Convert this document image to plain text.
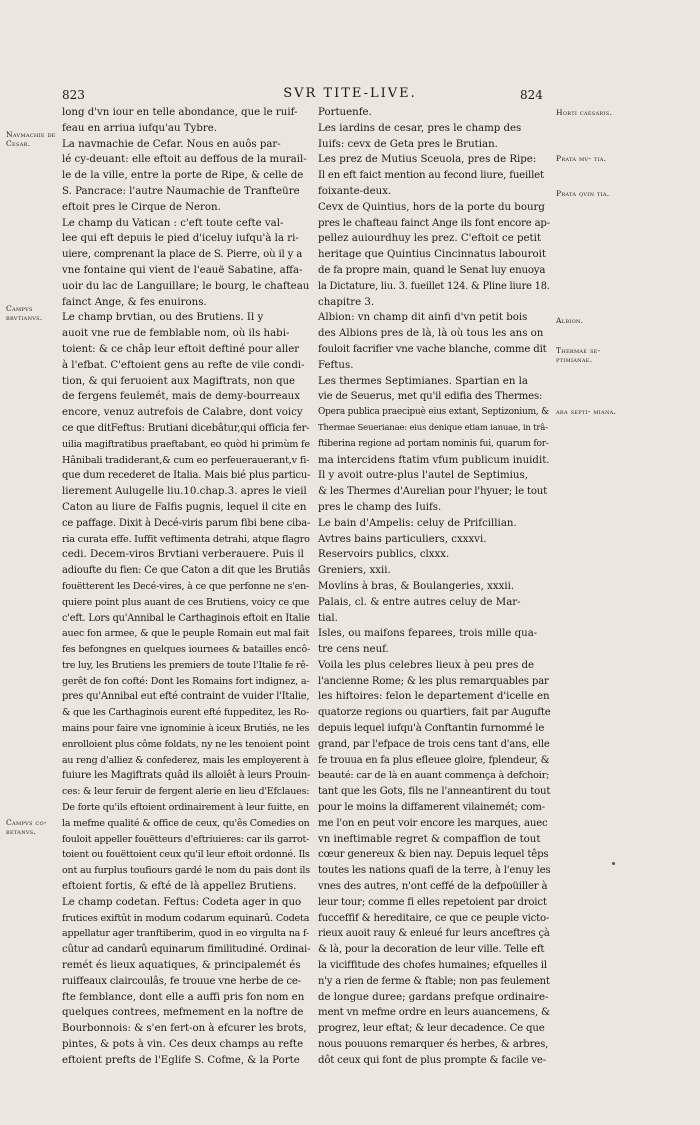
823	SVR TITE-LIVE.	824
Navmachie de Cesar.
Campvs brvtianvs.
Campvs co- betanvs.
Horti caesaris.
Prata mv- tia.
Prata qvin tia.
Albion.
Thermae se- ptimianae.
ara septi- miana.

long d'vn iour en telle abondance, que le ruif-

feau en arriua iufqu'au Tybre.

La navmachie de Cefar. Nous en auôs par-

lé cy-deuant: elle eftoit au deffous de la murail-

le de la ville, entre la porte de Ripe, & celle de

S. Pancrace: l'autre Naumachie de Tranfteüre

eftoit pres le Cirque de Neron.

Le champ du Vatican : c'eft toute cefte val-

lee qui eft depuis le pied d'iceluy iufqu'à la ri-

uiere, comprenant la place de S. Pierre, où il y a

vne fontaine qui vient de l'eauë Sabatine, affa-

uoir du lac de Languillare; le bourg, le chafteau

fainct Ange, & fes enuirons.

Le champ brvtian, ou des Brutiens. Il y

auoit vne rue de femblable nom, où ils habi-

toient: & ce châp leur eftoit deftiné pour aller

à l'efbat. C'eftoient gens au refte de vile condi-

tion, & qui feruoient aux Magiftrats, non que

de fergens feulemét, mais de demy-bourreaux

encore, venuz autrefois de Calabre, dont voicy

ce que ditFeftus: Brutiani dicebâtur,qui officia fer-

uilia magiftratibus praeftabant, eo quòd hi primùm fe

Hânibali tradiderant,& cum eo perfeuerauerant,v fi-

que dum recederet de Italia. Mais bié plus particu-

lierement Aulugelle liu.10.chap.3. apres le vieil

Caton au liure de Falfis pugnis, lequel il cite en

ce paffage. Dixit à Decé-viris parum fibi bene ciba-

ria curata effe. Iuffit veftimenta detrahi, atque flagro

cedi. Decem-viros Brvtiani verberauere. Puis il

adioufte du fien: Ce que Caton a dit que les Brutiâs

fouëtterent les Decé-vires, à ce que perfonne ne s'en-

quiere point plus auant de ces Brutiens, voicy ce que

c'eft. Lors qu'Annibal le Carthaginois eftoit en Italie

auec fon armee, & que le peuple Romain eut mal fait

fes befongnes en quelques iournees & batailles encô-

tre luy, les Brutiens les premiers de toute l'Italie fe rê-

gerêt de fon cofté: Dont les Romains fort indignez, a-

pres qu'Annibal eut efté contraint de vuider l'Italie,

& que les Carthaginois eurent efté fuppeditez, les Ro-

mains pour faire vne ignominie à iceux Brutiés, ne les

enrolloient plus côme foldats, ny ne les tenoient point

au reng d'alliez & confederez, mais les employerent à

fuiure les Magiftrats quâd ils alloiêt à leurs Prouin-

ces: & leur feruir de fergent alerie en lieu d'Efclaues:

De forte qu'ils eftoient ordinairement à leur fuitte, en

la mefme qualité & office de ceux, qu'ês Comedies on

fouloit appeller fouëtteurs d'eftriuieres: car ils garrot-

toient ou fouëttoient ceux qu'il leur eftoit ordonné. Ils

ont au furplus toufiours gardé le nom du pais dont ils

eftoient fortis, & efté de là appellez Brutiens.

Le champ codetan. Feftus: Codeta ager in quo

frutices exiftût in modum codarum equinarû. Codeta

appellatur ager tranftiberim, quod in eo virgulta na f-

cûtur ad candarû equinarum fimilitudiné. Ordinai-

remét és lieux aquatiques, & principalemét és

ruiffeaux claircoulâs, fe trouue vne herbe de ce-

fte femblance, dont elle a auffi pris fon nom en

quelques contrees, mefmement en la noftre de

Bourbonnois: & s'en fert-on à efcurer les brots,

pintes, & pots à vin. Ces deux champs au refte

eftoient prefts de l'Eglife S. Cofme, & la Porte

Portuenfe.

Les iardins de cesar, pres le champ des

Iuifs: cevx de Geta pres le Brutian.

Les prez de Mutius Sceuola, pres de Ripe:

Il en eft faict mention au fecond liure, fueillet

foixante-deux.

Cevx de Quintius, hors de la porte du bourg

pres le chafteau fainct Ange ils font encore ap-

pellez auiourdhuy les prez. C'eftoit ce petit

heritage que Quintius Cincinnatus labouroit

de fa propre main, quand le Senat luy enuoya

la Dictature, liu. 3. fueillet 124. & Pline liure 18.

chapitre 3.

Albion: vn champ dit ainfi d'vn petit bois

des Albions pres de là, là où tous les ans on

fouloit facrifier vne vache blanche, comme dit

Feftus.

Les thermes Septimianes. Spartian en la

vie de Seuerus, met qu'il edifia des Thermes:

Opera publica praecipuè eius extant, Septizonium, &

Thermae Seuerianae: eius denique etiam ianuae, in trâ-

ftiberina regione ad portam nominis fui, quarum for-

ma intercidens ftatim vfum publicum inuidit.

Il y avoit outre-plus l'autel de Septimius,

& les Thermes d'Aurelian pour l'hyuer; le tout

pres le champ des Iuifs.

Le bain d'Ampelis: celuy de Prifcillian.

Avtres bains particuliers, cxxxvi.

Reservoirs publics, clxxx.

Greniers, xxii.

Movlins à bras, & Boulangeries, xxxii.

Palais, cl. & entre autres celuy de Mar-

tial.

Isles, ou maifons feparees, trois mille qua-

tre cens neuf.

Voila les plus celebres lieux à peu pres de

l'ancienne Rome; & les plus remarquables par

les hiftoires: felon le departement d'icelle en

quatorze regions ou quartiers, fait par Augufte

depuis lequel iufqu'à Conftantin furnommé le

grand, par l'efpace de trois cens tant d'ans, elle

fe trouua en fa plus efleuee gloire, fplendeur, &

beauté: car de là en auant commença à defchoir;

tant que les Gots, fils ne l'anneantirent du tout

pour le moins la diffamerent vilainemét; com-

me l'on en peut voir encore les marques, auec

vn ineftimable regret & compaffion de tout

cœur genereux & bien nay. Depuis lequel têps

toutes les nations quafi de la terre, à l'enuy les

vnes des autres, n'ont ceffé de la defpoüiller à

leur tour; comme fi elles repetoient par droict

fucceffif & hereditaire, ce que ce peuple victo-

rieux auoit rauy & enleué fur leurs anceftres çà

& là, pour la decoration de leur ville. Telle eft

la viciffitude des chofes humaines; efquelles il

n'y a rien de ferme & ftable; non pas feulement

de longue duree; gardans prefque ordinaire-

ment vn mefme ordre en leurs auancemens, &

progrez, leur eftat; & leur decadence. Ce que

nous pouuons remarquer és herbes, & arbres,

dôt ceux qui font de plus prompte & facile ve-
